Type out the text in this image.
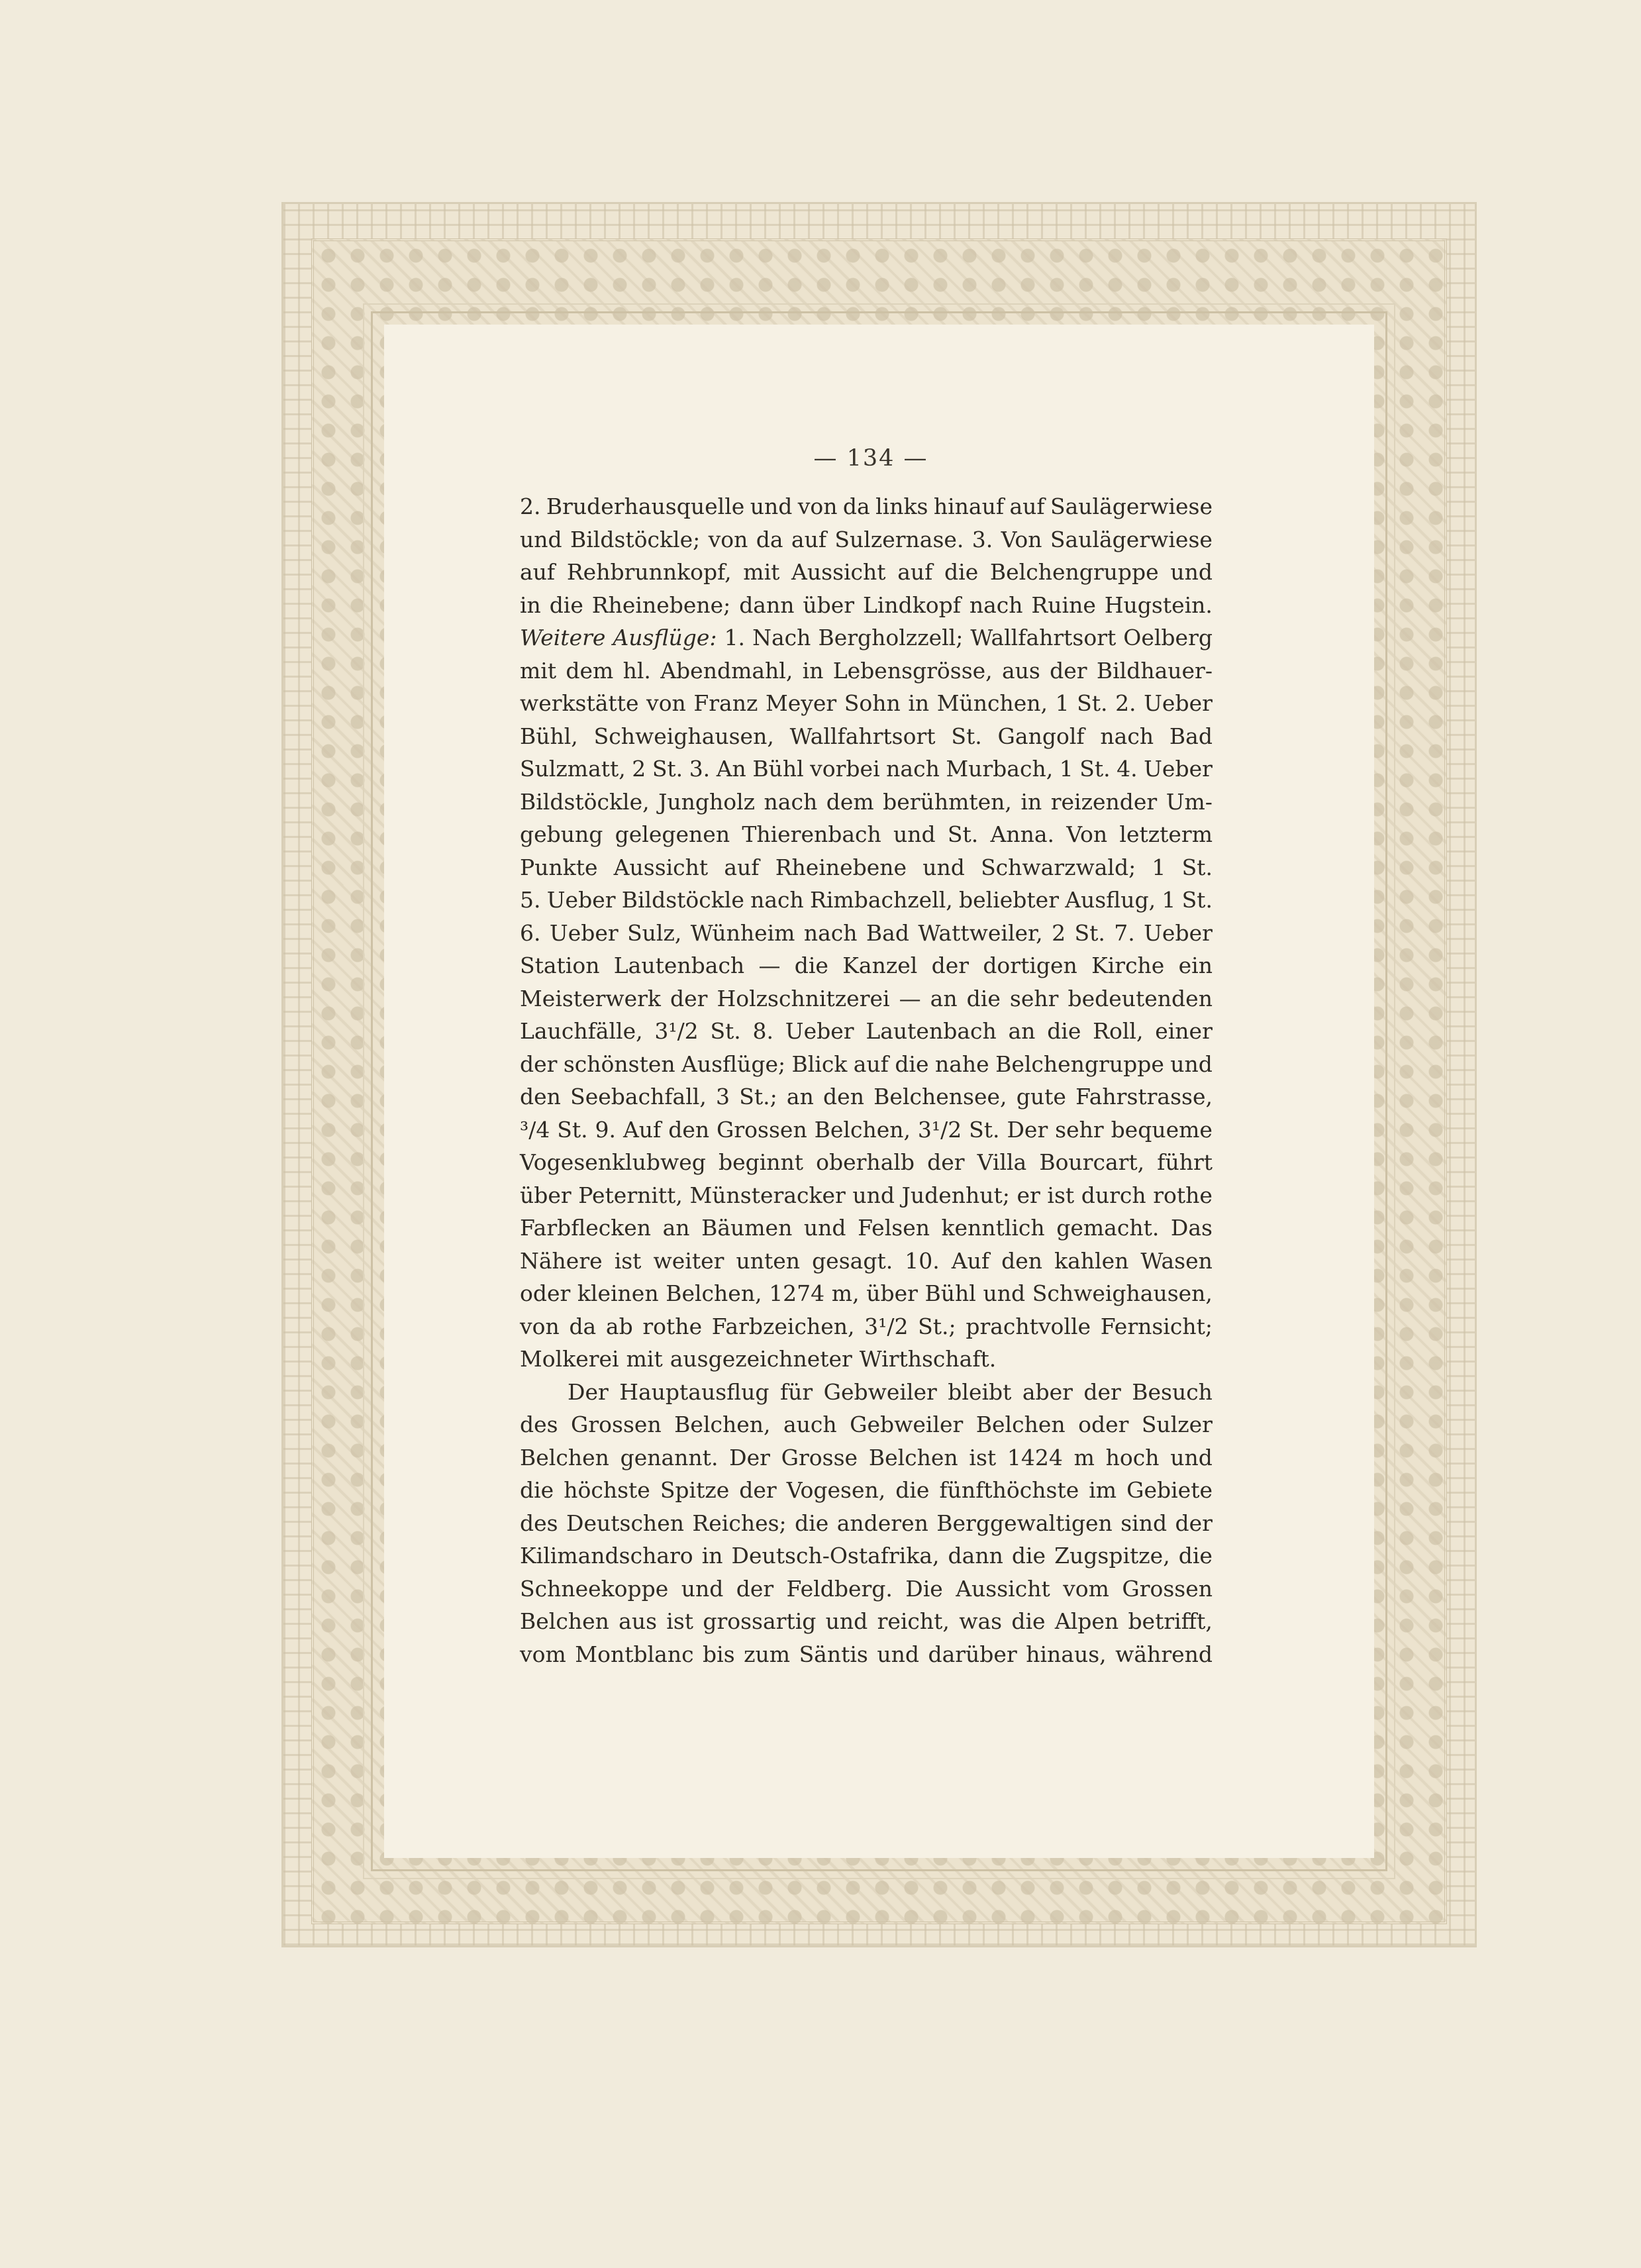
— 134 —
2. Bruderhausquelle und von da links hinauf auf Saulägerwiese
und Bildstöckle; von da auf Sulzernase. 3. Von Saulägerwiese
auf Rehbrunnkopf, mit Aussicht auf die Belchengruppe und
in die Rheinebene; dann über Lindkopf nach Ruine Hugstein.
Weitere Ausflüge: 1. Nach Bergholzzell; Wallfahrtsort Oelberg
mit dem hl. Abendmahl, in Lebensgrösse, aus der Bildhauer-
werkstätte von Franz Meyer Sohn in München, 1 St. 2. Ueber
Bühl, Schweighausen, Wallfahrtsort St. Gangolf nach Bad
Sulzmatt, 2 St. 3. An Bühl vorbei nach Murbach, 1 St. 4. Ueber
Bildstöckle, Jungholz nach dem berühmten, in reizender Um-
gebung gelegenen Thierenbach und St. Anna. Von letzterm
Punkte Aussicht auf Rheinebene und Schwarzwald; 1 St.
5. Ueber Bildstöckle nach Rimbachzell, beliebter Ausflug, 1 St.
6. Ueber Sulz, Wünheim nach Bad Wattweiler, 2 St. 7. Ueber
Station Lautenbach — die Kanzel der dortigen Kirche ein
Meisterwerk der Holzschnitzerei — an die sehr bedeutenden
Lauchfälle, 3¹/2 St. 8. Ueber Lautenbach an die Roll, einer
der schönsten Ausflüge; Blick auf die nahe Belchengruppe und
den Seebachfall, 3 St.; an den Belchensee, gute Fahrstrasse,
³/4 St. 9. Auf den Grossen Belchen, 3¹/2 St. Der sehr bequeme
Vogesenklubweg beginnt oberhalb der Villa Bourcart, führt
über Peternitt, Münsteracker und Judenhut; er ist durch rothe
Farbflecken an Bäumen und Felsen kenntlich gemacht. Das
Nähere ist weiter unten gesagt. 10. Auf den kahlen Wasen
oder kleinen Belchen, 1274 m, über Bühl und Schweighausen,
von da ab rothe Farbzeichen, 3¹/2 St.; prachtvolle Fernsicht;
Molkerei mit ausgezeichneter Wirthschaft.
Der Hauptausflug für Gebweiler bleibt aber der Besuch
des Grossen Belchen, auch Gebweiler Belchen oder Sulzer
Belchen genannt. Der Grosse Belchen ist 1424 m hoch und
die höchste Spitze der Vogesen, die fünfthöchste im Gebiete
des Deutschen Reiches; die anderen Berggewaltigen sind der
Kilimandscharo in Deutsch-Ostafrika, dann die Zugspitze, die
Schneekoppe und der Feldberg. Die Aussicht vom Grossen
Belchen aus ist grossartig und reicht, was die Alpen betrifft,
vom Montblanc bis zum Säntis und darüber hinaus, während
